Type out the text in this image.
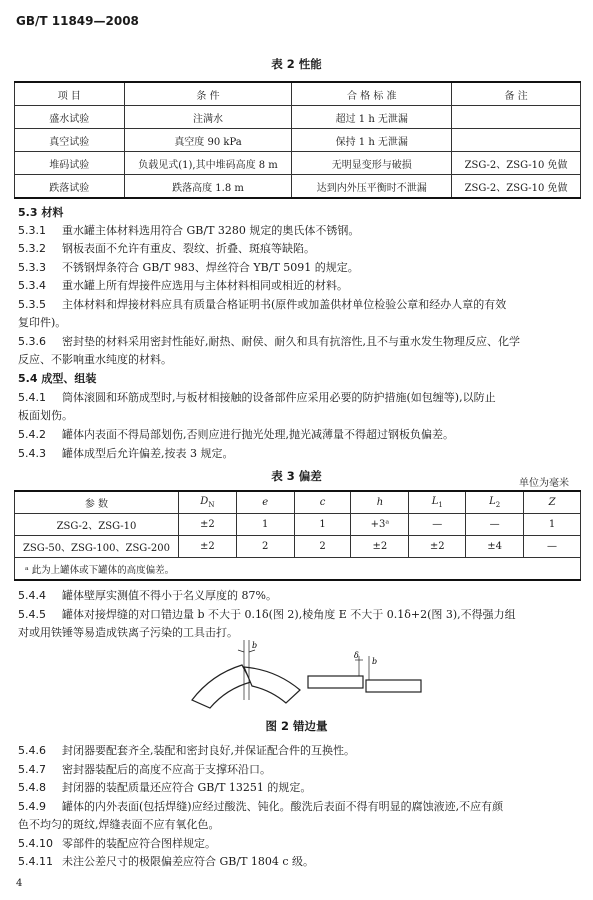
GB/T 11849—2008
表 2 性能
项 目	条 件	合 格 标 准	备 注
盛水试验	注满水	超过 1 h 无泄漏	
真空试验	真空度 90 kPa	保持 1 h 无泄漏	
堆码试验	负载见式(1),其中堆码高度 8 m	无明显变形与破损	ZSG-2、ZSG-10 免做
跌落试验	跌落高度 1.8 m	达到内外压平衡时不泄漏	ZSG-2、ZSG-10 免做
5.3 材料
5.3.1 重水罐主体材料选用符合 GB/T 3280 规定的奥氏体不锈钢。
5.3.2 钢板表面不允许有重皮、裂纹、折叠、斑痕等缺陷。
5.3.3 不锈钢焊条符合 GB/T 983、焊丝符合 YB/T 5091 的规定。
5.3.4 重水罐上所有焊接件应选用与主体材料相同或相近的材料。
5.3.5 主体材料和焊接材料应具有质量合格证明书(原件或加盖供材单位检验公章和经办人章的有效
复印件)。
5.3.6 密封垫的材料采用密封性能好,耐热、耐侯、耐久和具有抗溶性,且不与重水发生物理反应、化学
反应、不影响重水纯度的材料。
5.4 成型、组装
5.4.1 筒体滚圆和环筋成型时,与板材相接触的设备部件应采用必要的防护措施(如包缠等),以防止
板面划伤。
5.4.2 罐体内表面不得局部划伤,否则应进行抛光处理,抛光减薄量不得超过钢板负偏差。
5.4.3 罐体成型后允许偏差,按表 3 规定。
表 3 偏差
单位为毫米
参 数	$D_N$	e	c	h	$L_1$	$L_2$	Z
ZSG-2、ZSG-10	±2	1	1	+3ᵃ	—	—	1
ZSG-50、ZSG-100、ZSG-200	±2	2	2	±2	±2	±4	—
ᵃ 此为上罐体或下罐体的高度偏差。							
5.4.4 罐体壁厚实测值不得小于名义厚度的 87%。
5.4.5 罐体对接焊缝的对口错边量 b 不大于 0.1δ(图 2),棱角度 E 不大于 0.1δ+2(图 3),不得强力组
对或用铁锤等易造成铁离子污染的工具击打。
b
δ
b
图 2 错边量
5.4.6 封闭器要配套齐全,装配和密封良好,并保证配合件的互换性。
5.4.7 密封器装配后的高度不应高于支撑环沿口。
5.4.8 封闭器的装配质量还应符合 GB/T 13251 的规定。
5.4.9 罐体的内外表面(包括焊缝)应经过酸洗、钝化。酸洗后表面不得有明显的腐蚀液迹,不应有颜
色不均匀的斑纹,焊缝表面不应有氧化色。
5.4.10 零部件的装配应符合图样规定。
5.4.11 未注公差尺寸的极限偏差应符合 GB/T 1804 c 级。
4
